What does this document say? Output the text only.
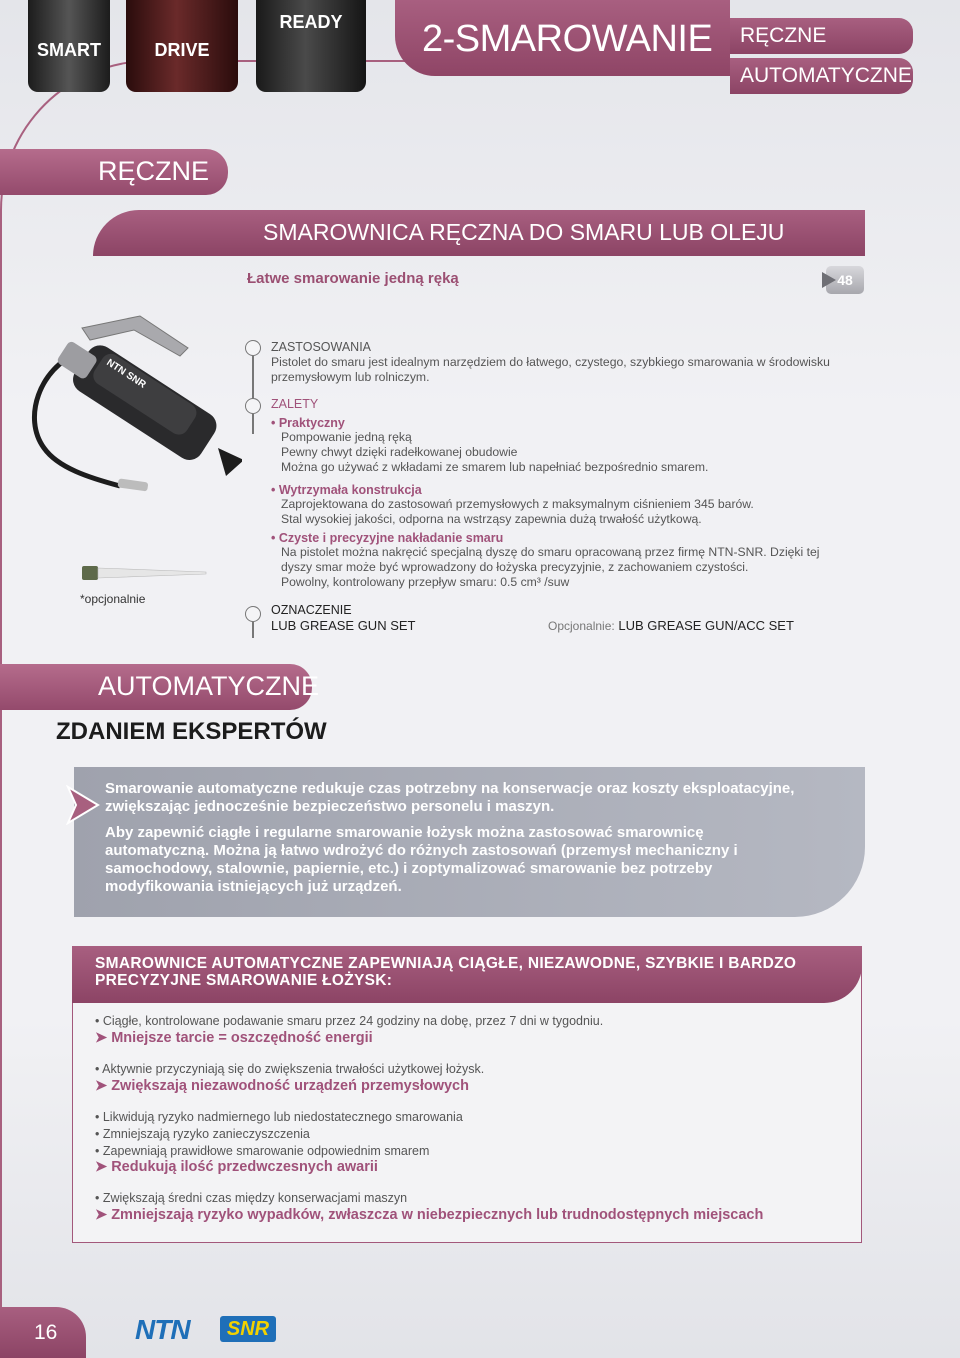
SMART	DRIVE
READY	2-SMAROWANIE	RĘCZNE
AUTOMATYCZNE
RĘCZNE
SMAROWNICA RĘCZNA DO SMARU LUB OLEJU
Łatwe smarowanie jedną ręką	48
NTN SNR
*opcjonalnie
ZASTOSOWANIA
Pistolet do smaru jest idealnym narzędziem do łatwego, czystego, szybkiego smarowania w środowisku
przemysłowym lub rolniczym.
ZALETY
• Praktyczny
Pompowanie jedną ręką
Pewny chwyt dzięki radełkowanej obudowie
Można go używać z wkładami ze smarem lub napełniać bezpośrednio smarem.
• Wytrzymała konstrukcja
Zaprojektowana do zastosowań przemysłowych z maksymalnym ciśnieniem 345 barów.
Stal wysokiej jakości, odporna na wstrząsy zapewnia dużą trwałość użytkową.
• Czyste i precyzyjne nakładanie smaru
Na pistolet można nakręcić specjalną dyszę do smaru opracowaną przez firmę NTN-SNR. Dzięki tej
dyszy smar może być wprowadzony do łożyska precyzyjnie, z zachowaniem czystości.
Powolny, kontrolowany przepływ smaru: 0.5 cm³ /suw
OZNACZENIE
LUB GREASE GUN SET	Opcjonalnie: LUB GREASE GUN/ACC SET
AUTOMATYCZNE
ZDANIEM EKSPERTÓW

Smarowanie automatyczne redukuje czas potrzebny na konserwacje oraz koszty eksploatacyjne, zwiększając jednocześnie bezpieczeństwo personelu i maszyn.

Aby zapewnić ciągłe i regularne smarowanie łożysk można zastosować smarownicę automatyczną. Można ją łatwo wdrożyć do różnych zastosowań (przemysł mechaniczny i samochodowy, stalownie, papiernie, etc.) i zoptymalizować smarowanie bez potrzeby modyfikowania istniejących już urządzeń.

SMAROWNICE AUTOMATYCZNE ZAPEWNIAJĄ CIĄGŁE, NIEZAWODNE, SZYBKIE I BARDZO PRECYZYJNE SMAROWANIE ŁOŻYSK:
• Ciągłe, kontrolowane podawanie smaru przez 24 godziny na dobę, przez 7 dni w tygodniu.
➤ Mniejsze tarcie = oszczędność energii
• Aktywnie przyczyniają się do zwiększenia trwałości użytkowej łożysk.
➤ Zwiększają niezawodność urządzeń przemysłowych
• Likwidują ryzyko nadmiernego lub niedostatecznego smarowania
• Zmniejszają ryzyko zanieczyszczenia
• Zapewniają prawidłowe smarowanie odpowiednim smarem
➤ Redukują ilość przedwczesnych awarii
• Zwiększają średni czas między konserwacjami maszyn
➤ Zmniejszają ryzyko wypadków, zwłaszcza w niebezpiecznych lub trudnodostępnych miejscach
16	NTN	SNR
